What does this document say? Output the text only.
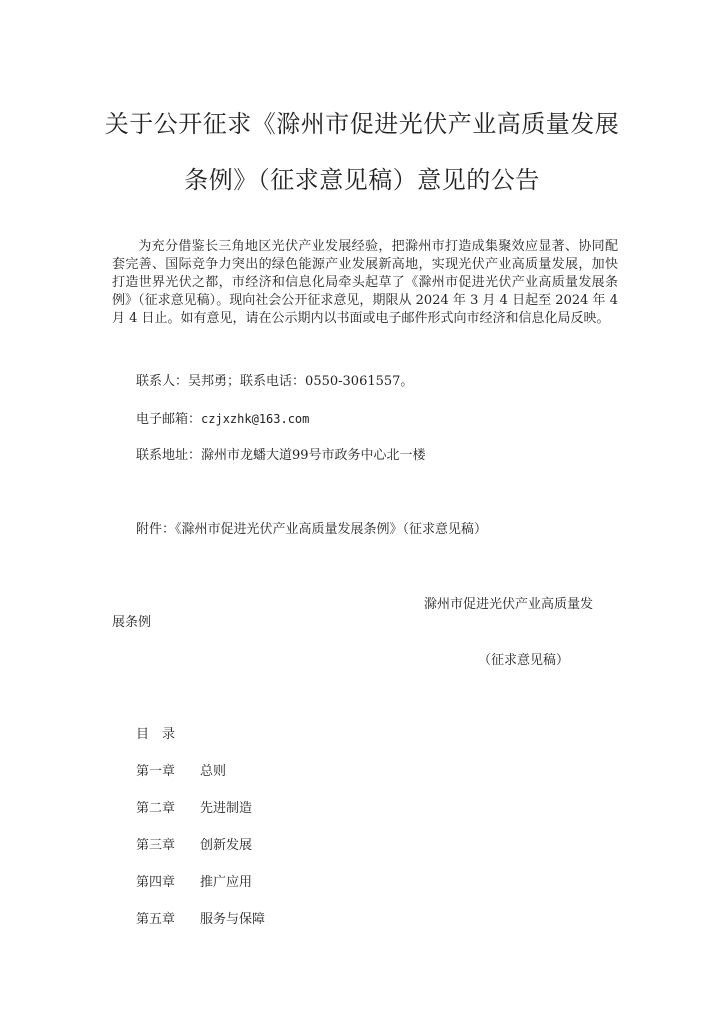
关于公开征求《滁州市促进光伏产业高质量发展
条例》（征求意见稿）意见的公告

为充分借鉴长三角地区光伏产业发展经验，把滁州市打造成集聚效应显著、协同配套完善、国际竞争力突出的绿色能源产业发展新高地，实现光伏产业高质量发展，加快打造世界光伏之都，市经济和信息化局牵头起草了《滁州市促进光伏产业高质量发展条例》（征求意见稿）。现向社会公开征求意见，期限从 2024 年 3 月 4 日起至 2024 年 4 月 4 日止。如有意见，请在公示期内以书面或电子邮件形式向市经济和信息化局反映。

联系人：吴邦勇；联系电话：0550-3061557。
电子邮箱：czjxzhk@163.com
联系地址：滁州市龙蟠大道99号市政务中心北一楼
附件：《滁州市促进光伏产业高质量发展条例》（征求意见稿）
滁州市促进光伏产业高质量发
展条例
（征求意见稿）
目　录
第一章 总则
第二章 先进制造
第三章 创新发展
第四章 推广应用
第五章 服务与保障
